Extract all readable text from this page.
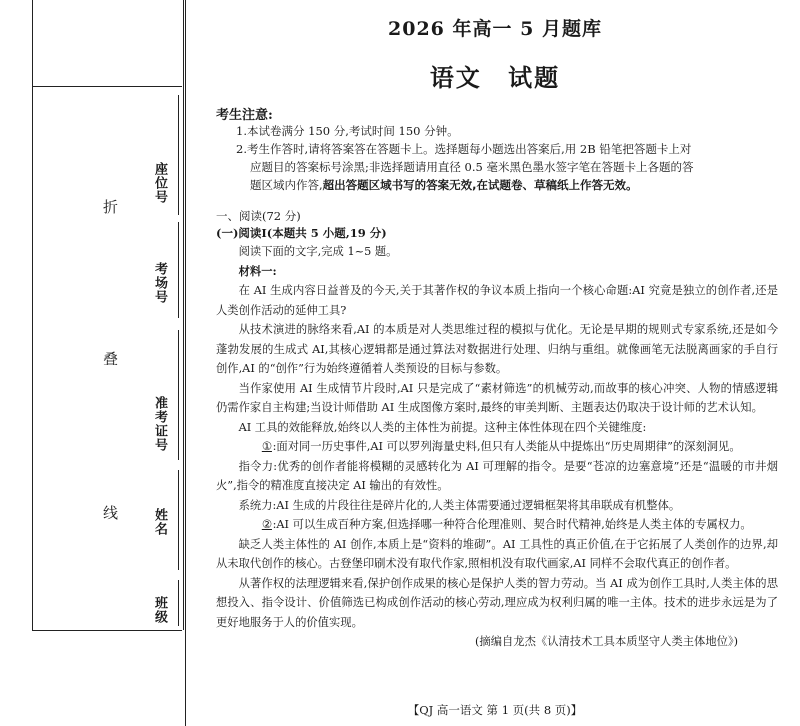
折
叠
线
座位号
考场号
准考证号
姓名
班级
2026 年高一 5 月题库
语文 试题
考生注意:

1.本试卷满分 150 分,考试时间 150 分钟。

2.考生作答时,请将答案答在答题卡上。选择题每小题选出答案后,用 2B 铅笔把答题卡上对

应题目的答案标号涂黑;非选择题请用直径 0.5 毫米黑色墨水签字笔在答题卡上各题的答

题区域内作答,超出答题区域书写的答案无效,在试题卷、草稿纸上作答无效。

一、阅读(72 分)
(一)阅读Ⅰ(本题共 5 小题,19 分)

阅读下面的文字,完成 1~5 题。

材料一:

在 AI 生成内容日益普及的今天,关于其著作权的争议本质上指向一个核心命题:AI 究竟是独立的创作者,还是人类创作活动的延伸工具?

从技术演进的脉络来看,AI 的本质是对人类思维过程的模拟与优化。无论是早期的规则式专家系统,还是如今蓬勃发展的生成式 AI,其核心逻辑都是通过算法对数据进行处理、归纳与重组。就像画笔无法脱离画家的手自行创作,AI 的“创作”行为始终遵循着人类预设的目标与参数。

当作家使用 AI 生成情节片段时,AI 只是完成了“素材筛选”的机械劳动,而故事的核心冲突、人物的情感逻辑仍需作家自主构建;当设计师借助 AI 生成图像方案时,最终的审美判断、主题表达仍取决于设计师的艺术认知。

AI 工具的效能释放,始终以人类的主体性为前提。这种主体性体现在四个关键维度:

①:面对同一历史事件,AI 可以罗列海量史料,但只有人类能从中提炼出“历史周期律”的深刻洞见。

指令力:优秀的创作者能将模糊的灵感转化为 AI 可理解的指令。是要“苍凉的边塞意境”还是“温暖的市井烟火”,指令的精准度直接决定 AI 输出的有效性。

系统力:AI 生成的片段往往是碎片化的,人类主体需要通过逻辑框架将其串联成有机整体。

②:AI 可以生成百种方案,但选择哪一种符合伦理准则、契合时代精神,始终是人类主体的专属权力。

缺乏人类主体性的 AI 创作,本质上是“资料的堆砌”。AI 工具性的真正价值,在于它拓展了人类创作的边界,却从未取代创作的核心。古登堡印刷术没有取代作家,照相机没有取代画家,AI 同样不会取代真正的创作者。

从著作权的法理逻辑来看,保护创作成果的核心是保护人类的智力劳动。当 AI 成为创作工具时,人类主体的思想投入、指令设计、价值筛选已构成创作活动的核心劳动,理应成为权利归属的唯一主体。技术的进步永远是为了更好地服务于人的价值实现。

(摘编自龙杰《认清技术工具本质坚守人类主体地位》)

【QJ 高一语文 第 1 页(共 8 页)】
